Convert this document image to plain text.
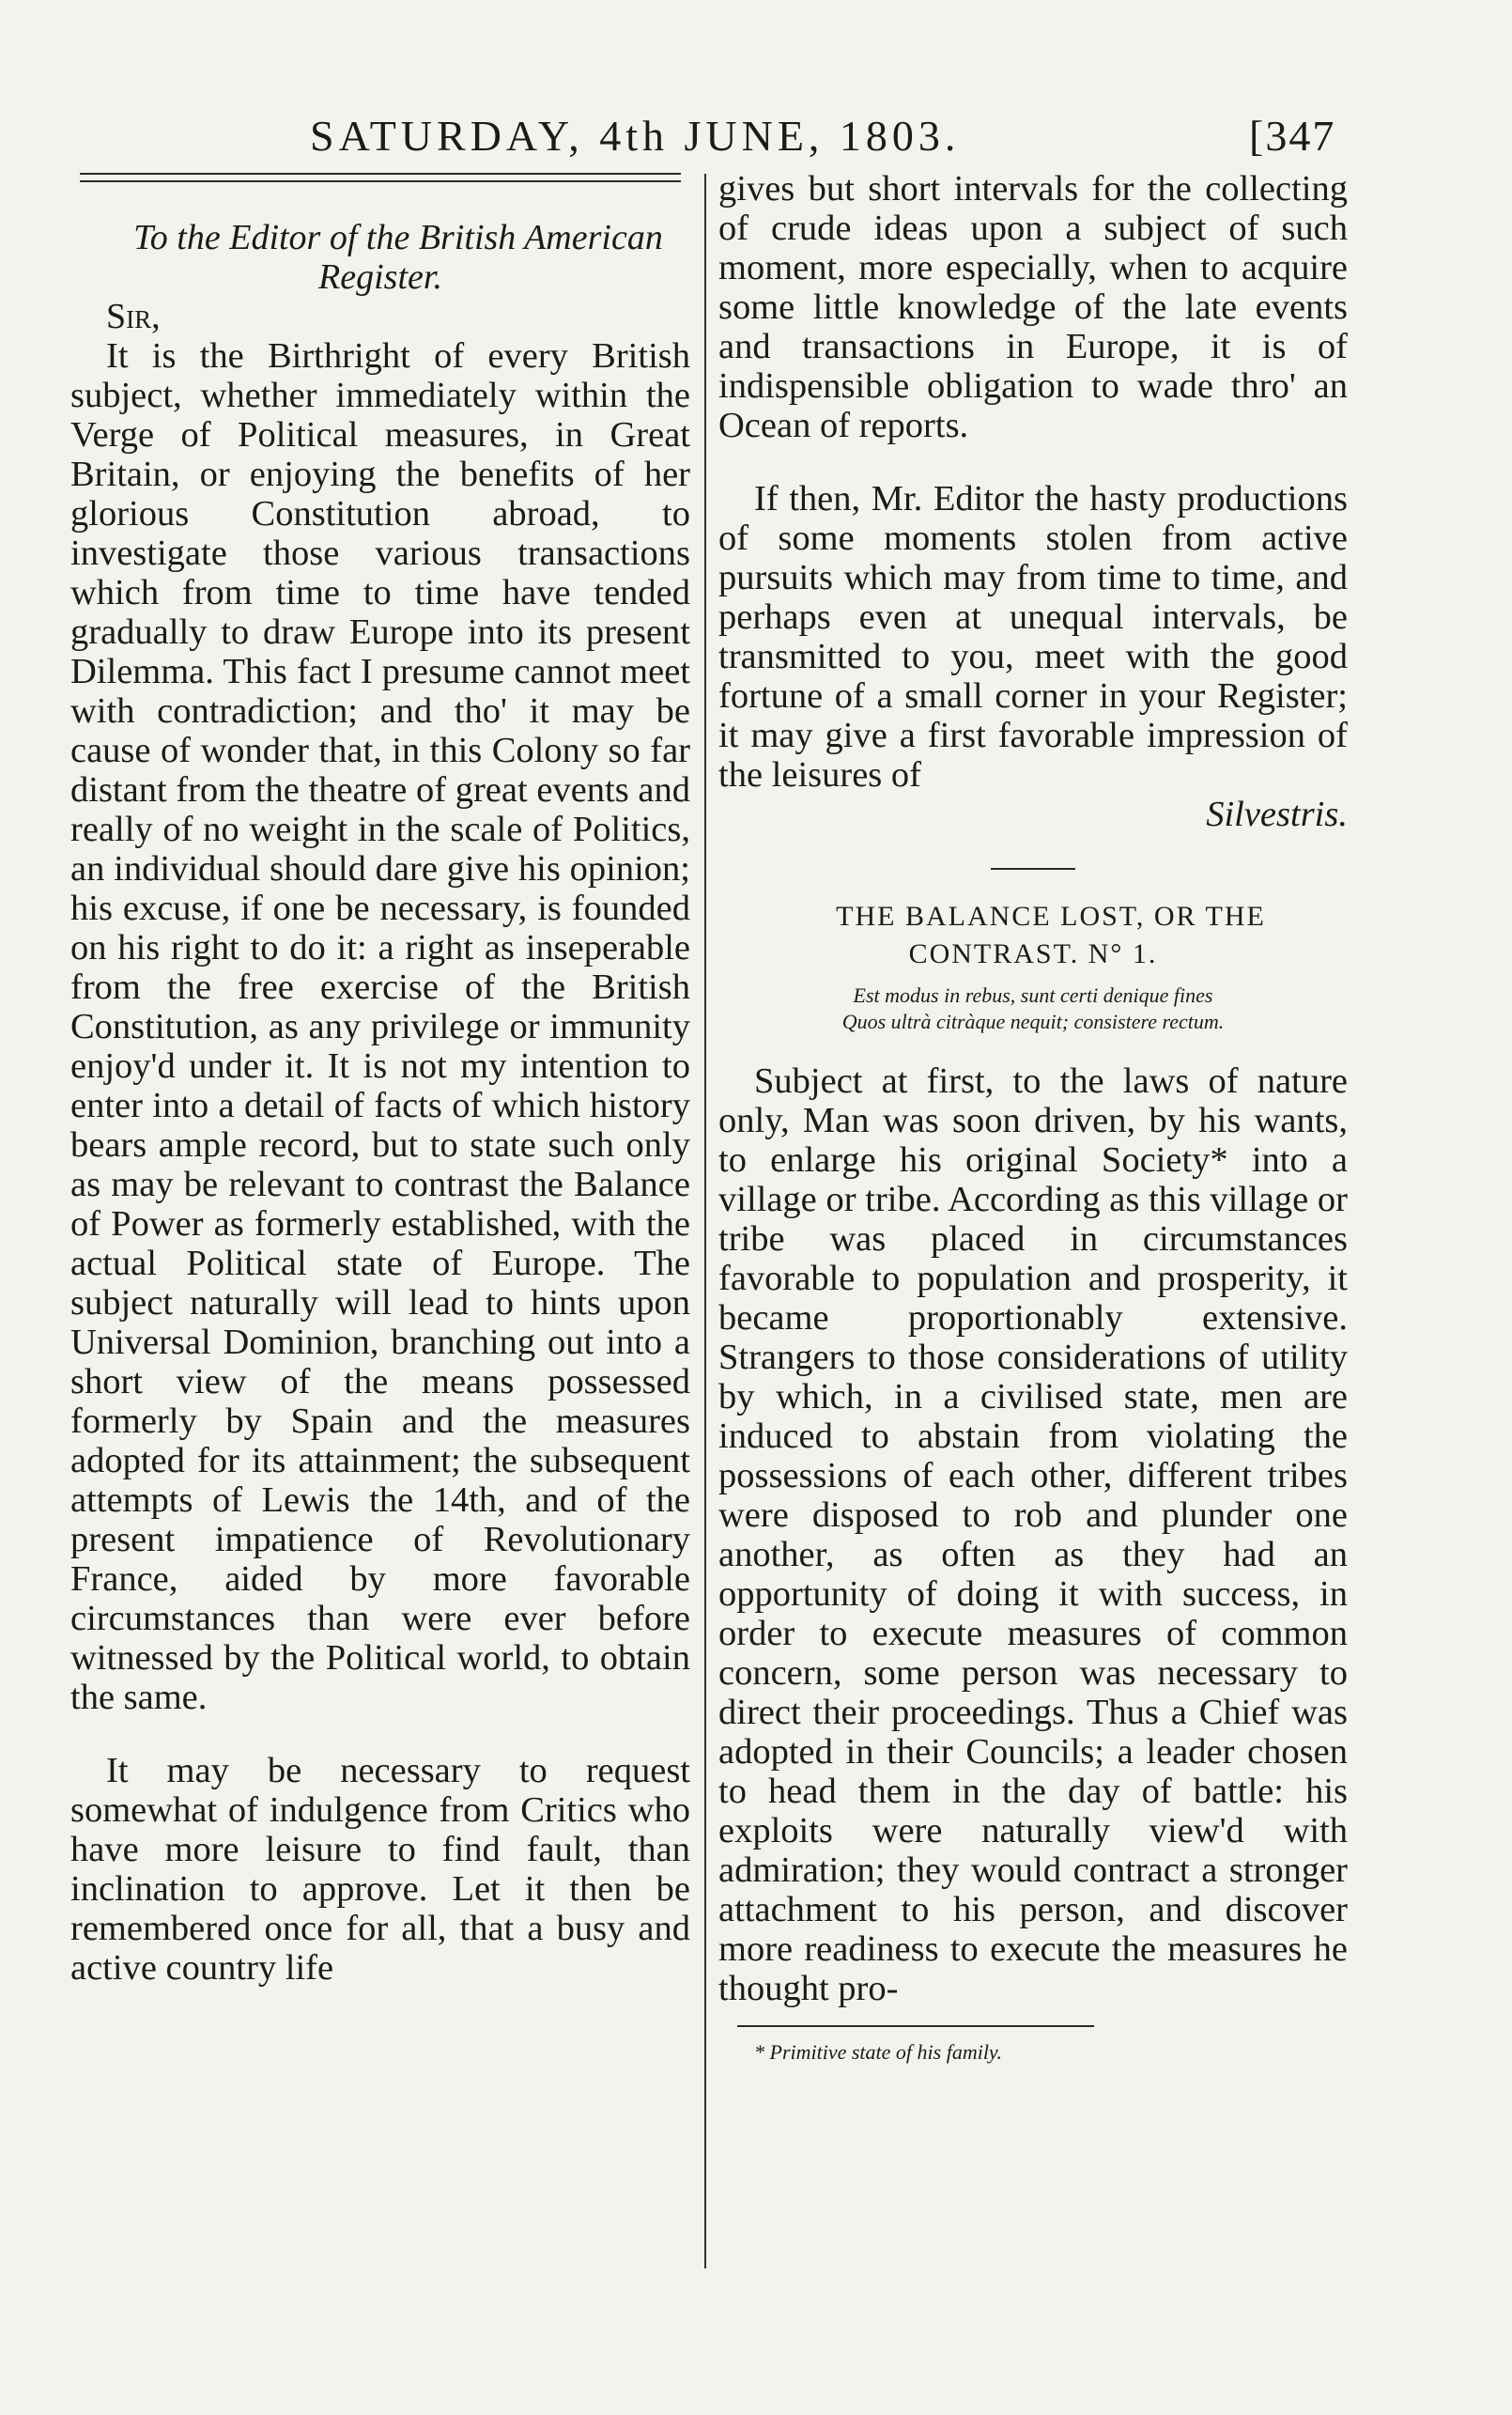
SATURDAY, 4th JUNE, 1803.	[347

To the Editor of the British American Register.

Sir,

It is the Birthright of every British subject, whether immediately within the Verge of Political measures, in Great Britain, or enjoying the benefits of her glorious Constitution abroad, to investigate those various transactions which from time to time have tended gradually to draw Europe into its present Dilemma. This fact I presume cannot meet with contradiction; and tho' it may be cause of wonder that, in this Colony so far distant from the theatre of great events and really of no weight in the scale of Politics, an individual should dare give his opinion; his excuse, if one be necessary, is founded on his right to do it: a right as inseperable from the free exercise of the British Constitution, as any privilege or immunity enjoy'd under it. It is not my intention to enter into a detail of facts of which history bears ample record, but to state such only as may be relevant to contrast the Balance of Power as formerly established, with the actual Political state of Europe. The subject naturally will lead to hints upon Universal Dominion, branching out into a short view of the means possessed formerly by Spain and the measures adopted for its attainment; the subsequent attempts of Lewis the 14th, and of the present impatience of Revolutionary France, aided by more favorable circumstances than were ever before witnessed by the Political world, to obtain the same.

It may be necessary to request somewhat of indulgence from Critics who have more leisure to find fault, than inclination to approve. Let it then be remembered once for all, that a busy and active country life

gives but short intervals for the collecting of crude ideas upon a subject of such moment, more especially, when to acquire some little knowledge of the late events and transactions in Europe, it is of indispensible obligation to wade thro' an Ocean of reports.

If then, Mr. Editor the hasty productions of some moments stolen from active pursuits which may from time to time, and perhaps even at unequal intervals, be transmitted to you, meet with the good fortune of a small corner in your Register; it may give a first favorable impression of the leisures of

Silvestris.

THE BALANCE LOST, OR THE CONTRAST. N° 1.

Est modus in rebus, sunt certi denique fines
Quos ultrà citràque nequit; consistere rectum.

Subject at first, to the laws of nature only, Man was soon driven, by his wants, to enlarge his original Society* into a village or tribe. According as this village or tribe was placed in circumstances favorable to population and prosperity, it became proportionably extensive. Strangers to those considerations of utility by which, in a civilised state, men are induced to abstain from violating the possessions of each other, different tribes were disposed to rob and plunder one another, as often as they had an opportunity of doing it with success, in order to execute measures of common concern, some person was necessary to direct their proceedings. Thus a Chief was adopted in their Councils; a leader chosen to head them in the day of battle: his exploits were naturally view'd with admiration; they would contract a stronger attachment to his person, and discover more readiness to execute the measures he thought pro-

* Primitive state of his family.
